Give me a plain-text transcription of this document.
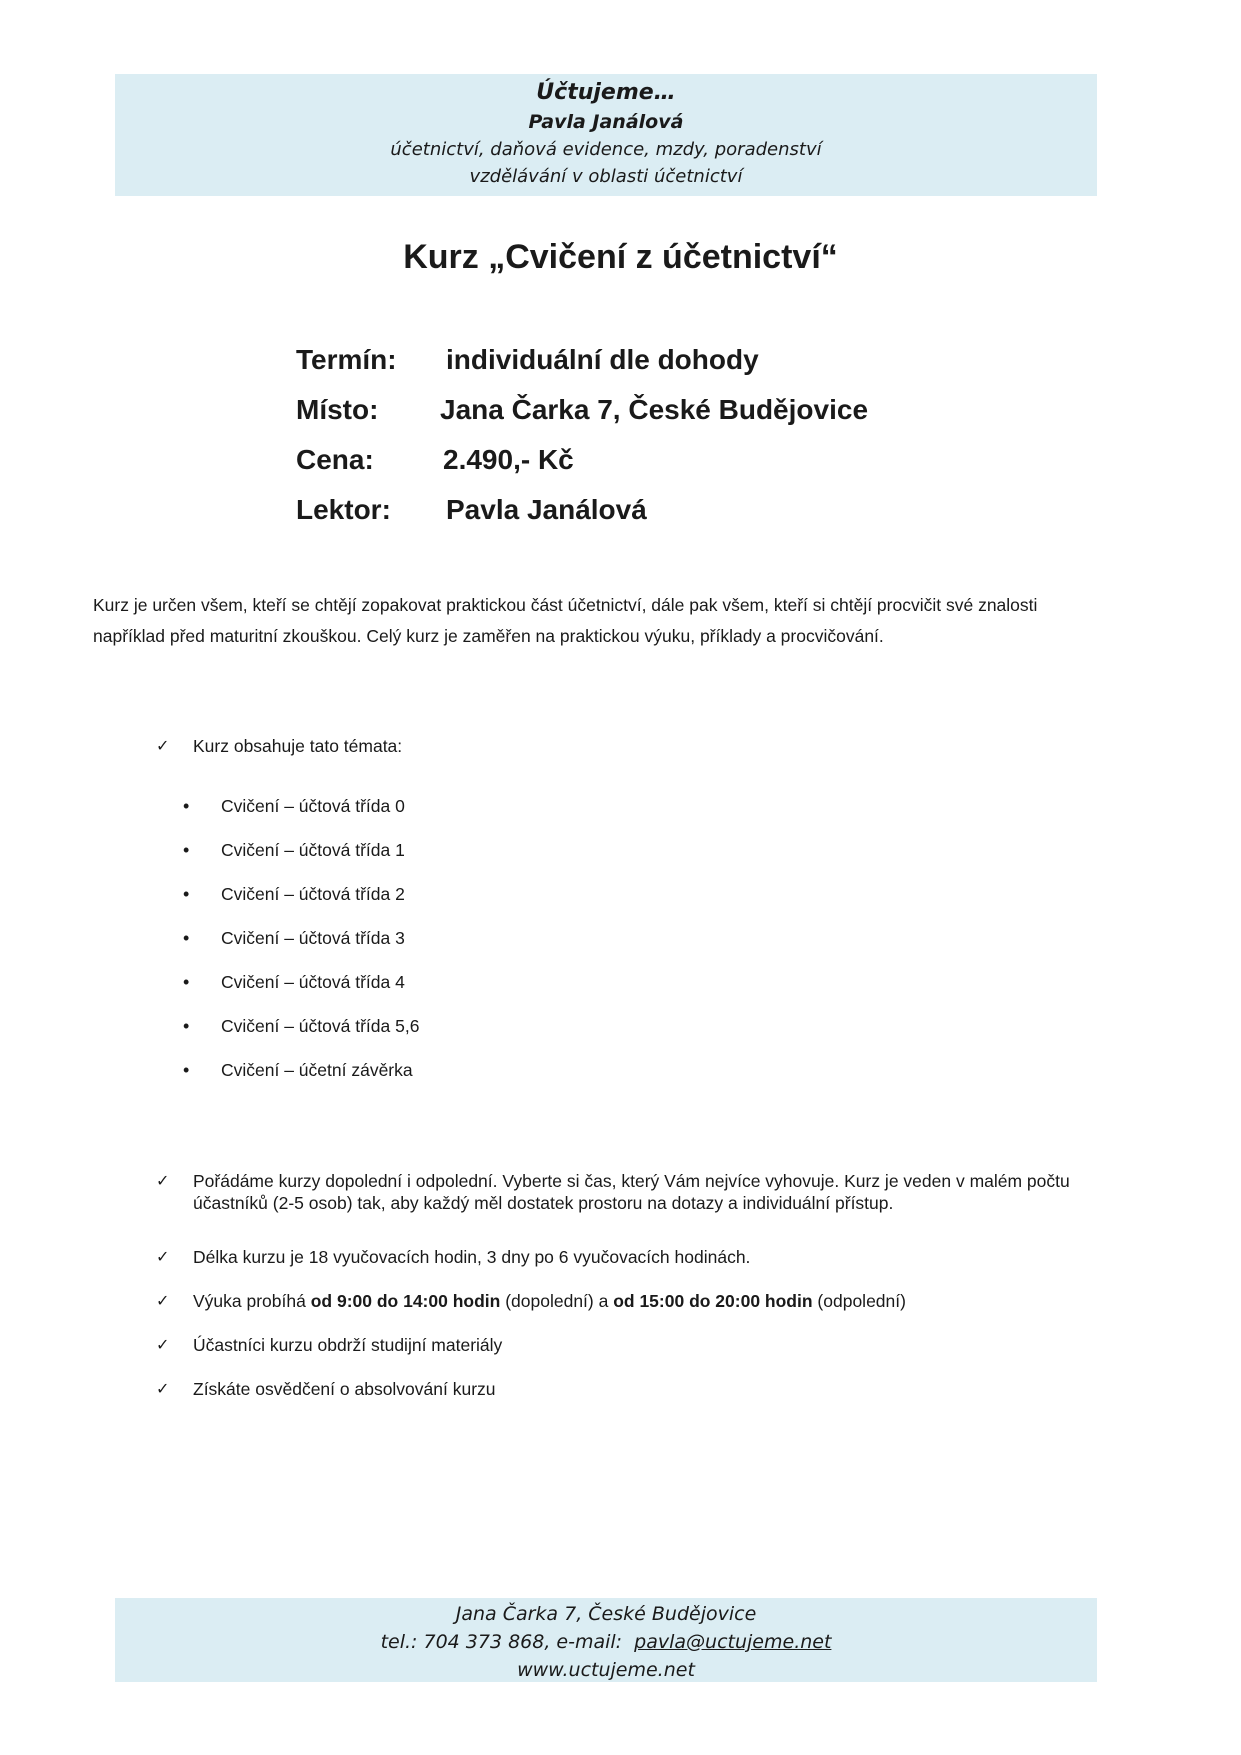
Účtujeme…
Pavla Janálová
účetnictví, daňová evidence, mzdy, poradenství
vzdělávání v oblasti účetnictví
Kurz „Cvičení z účetnictví“
Termín: individuální dle dohody
Místo: Jana Čarka 7, České Budějovice
Cena: 2.490,- Kč
Lektor: Pavla Janálová
Kurz je určen všem, kteří se chtějí zopakovat praktickou část účetnictví, dále pak všem, kteří si chtějí procvičit své znalosti například před maturitní zkouškou. Celý kurz je zaměřen na praktickou výuku, příklady a procvičování.
✓ Kurz obsahuje tato témata:
• Cvičení – účtová třída 0
• Cvičení – účtová třída 1
• Cvičení – účtová třída 2
• Cvičení – účtová třída 3
• Cvičení – účtová třída 4
• Cvičení – účtová třída 5,6
• Cvičení – účetní závěrka
✓ Pořádáme kurzy dopolední i odpolední. Vyberte si čas, který Vám nejvíce vyhovuje. Kurz je veden v malém počtu účastníků (2-5 osob) tak, aby každý měl dostatek prostoru na dotazy a individuální přístup.
✓ Délka kurzu je 18 vyučovacích hodin, 3 dny po 6 vyučovacích hodinách.
✓ Výuka probíhá od 9:00 do 14:00 hodin (dopolední) a od 15:00 do 20:00 hodin (odpolední)
✓ Účastníci kurzu obdrží studijní materiály
✓ Získáte osvědčení o absolvování kurzu
Jana Čarka 7, České Budějovice
tel.: 704 373 868, e-mail:  pavla@uctujeme.net
www.uctujeme.net
